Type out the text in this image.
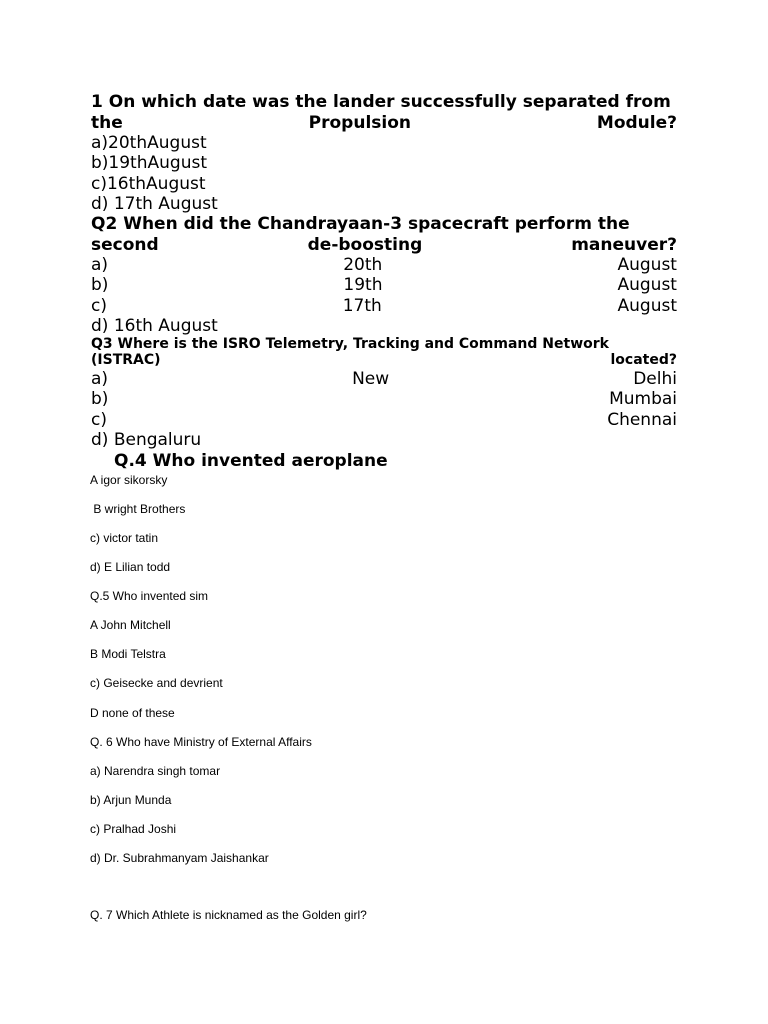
1 On which date was the lander successfully separated from
the	Propulsion	Module?
a)20thAugust
b)19thAugust
c)16thAugust
d) 17th August
Q2 When did the Chandrayaan-3 spacecraft perform the
second	de-boosting	maneuver?
a)	20th	August
b)	19th	August
c)	17th	August
d) 16th August
Q3 Where is the ISRO Telemetry, Tracking and Command Network
(ISTRAC)	located?
a)	New	Delhi
b)	Mumbai
c)	Chennai
d) Bengaluru
Q.4 Who invented aeroplane
A igor sikorsky
B wright Brothers
c) victor tatin
d) E Lilian todd
Q.5 Who invented sim
A John Mitchell
B Modi Telstra
c) Geisecke and devrient
D none of these
Q. 6 Who have Ministry of External Affairs
a) Narendra singh tomar
b) Arjun Munda
c) Pralhad Joshi
d) Dr. Subrahmanyam Jaishankar
Q. 7 Which Athlete is nicknamed as the Golden girl?
